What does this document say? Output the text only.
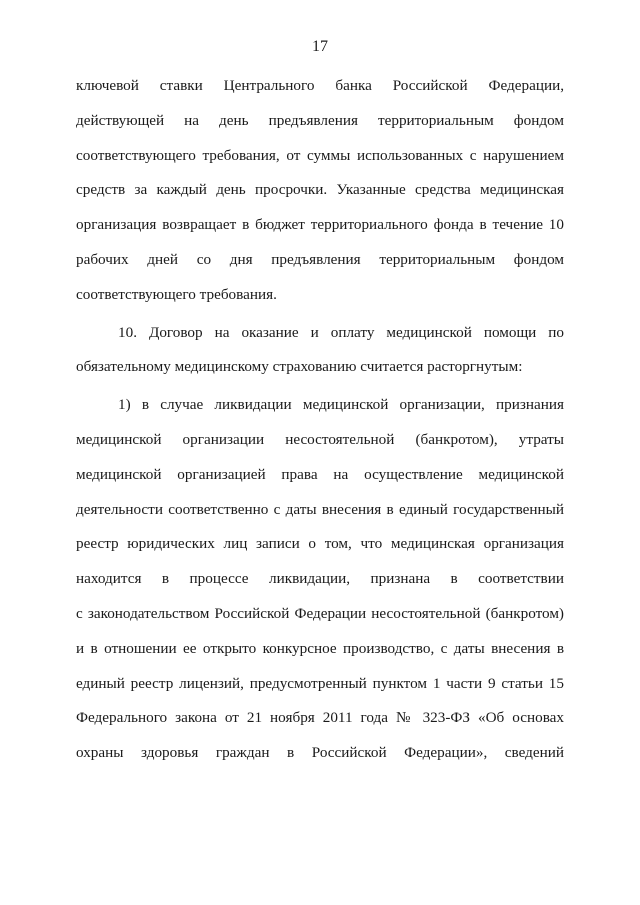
17
ключевой ставки Центрального банка Российской Федерации,
действующей на день предъявления территориальным фондом
соответствующего требования, от суммы использованных с нарушением
средств за каждый день просрочки. Указанные средства медицинская
организация возвращает в бюджет территориального фонда в течение 10
рабочих дней со дня предъявления территориальным фондом
соответствующего требования.
10. Договор на оказание и оплату медицинской помощи по
обязательному медицинскому страхованию считается расторгнутым:
1) в случае ликвидации медицинской организации, признания
медицинской организации несостоятельной (банкротом), утраты
медицинской организацией права на осуществление медицинской
деятельности соответственно с даты внесения в единый государственный
реестр юридических лиц записи о том, что медицинская организация
находится в процессе ликвидации, признана в соответствии
с законодательством Российской Федерации несостоятельной (банкротом)
и в отношении ее открыто конкурсное производство, с даты внесения в
единый реестр лицензий, предусмотренный пунктом 1 части 9 статьи 15
Федерального закона от 21 ноября 2011 года № 323-ФЗ «Об основах
охраны здоровья граждан в Российской Федерации», сведений
